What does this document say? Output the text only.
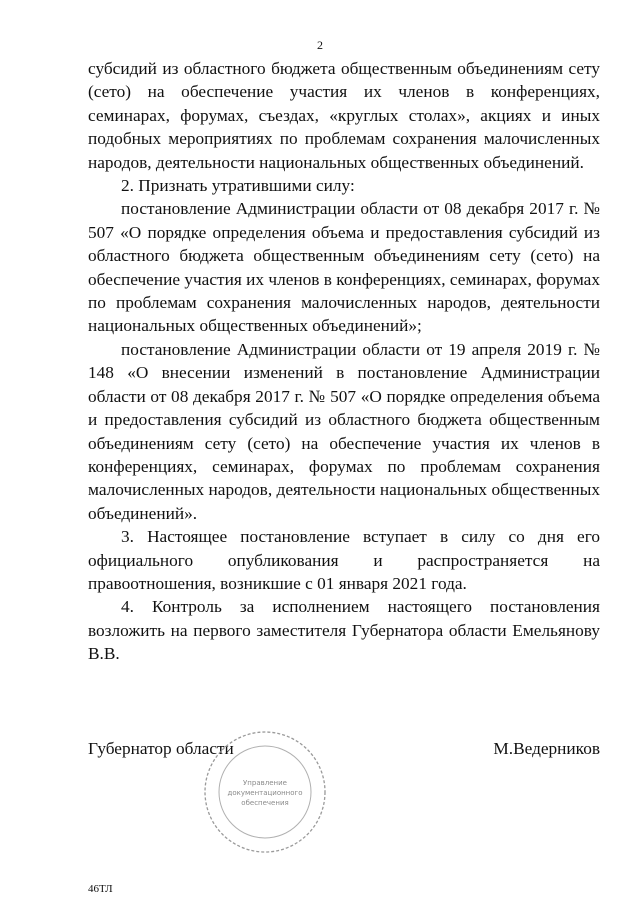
2

субсидий из областного бюджета общественным объединениям сету (сето) на обеспечение участия их членов в конференциях, семинарах, форумах, съездах, «круглых столах», акциях и иных подобных мероприятиях по проблемам сохранения малочисленных народов, деятельности национальных общественных объединений.

2. Признать утратившими силу:

постановление Администрации области от 08 декабря 2017 г. № 507 «О порядке определения объема и предоставления субсидий из областного бюджета общественным объединениям сету (сето) на обеспечение участия их членов в конференциях, семинарах, форумах по проблемам сохранения малочисленных народов, деятельности национальных общественных объединений»;

постановление Администрации области от 19 апреля 2019 г. № 148 «О внесении изменений в постановление Администрации области от 08 декабря 2017 г. № 507 «О порядке определения объема и предоставления субсидий из областного бюджета общественным объединениям сету (сето) на обеспечение участия их членов в конференциях, семинарах, форумах по проблемам сохранения малочисленных народов, деятельности национальных общественных объединений».

3. Настоящее постановление вступает в силу со дня его официального опубликования и распространяется на правоотношения, возникшие с 01 января 2021 года.

4. Контроль за исполнением настоящего постановления возложить на первого заместителя Губернатора области Емельянову В.В.

Губернатор области	М.Ведерников
Управление
документационного
обеспечения
46ТЛ
